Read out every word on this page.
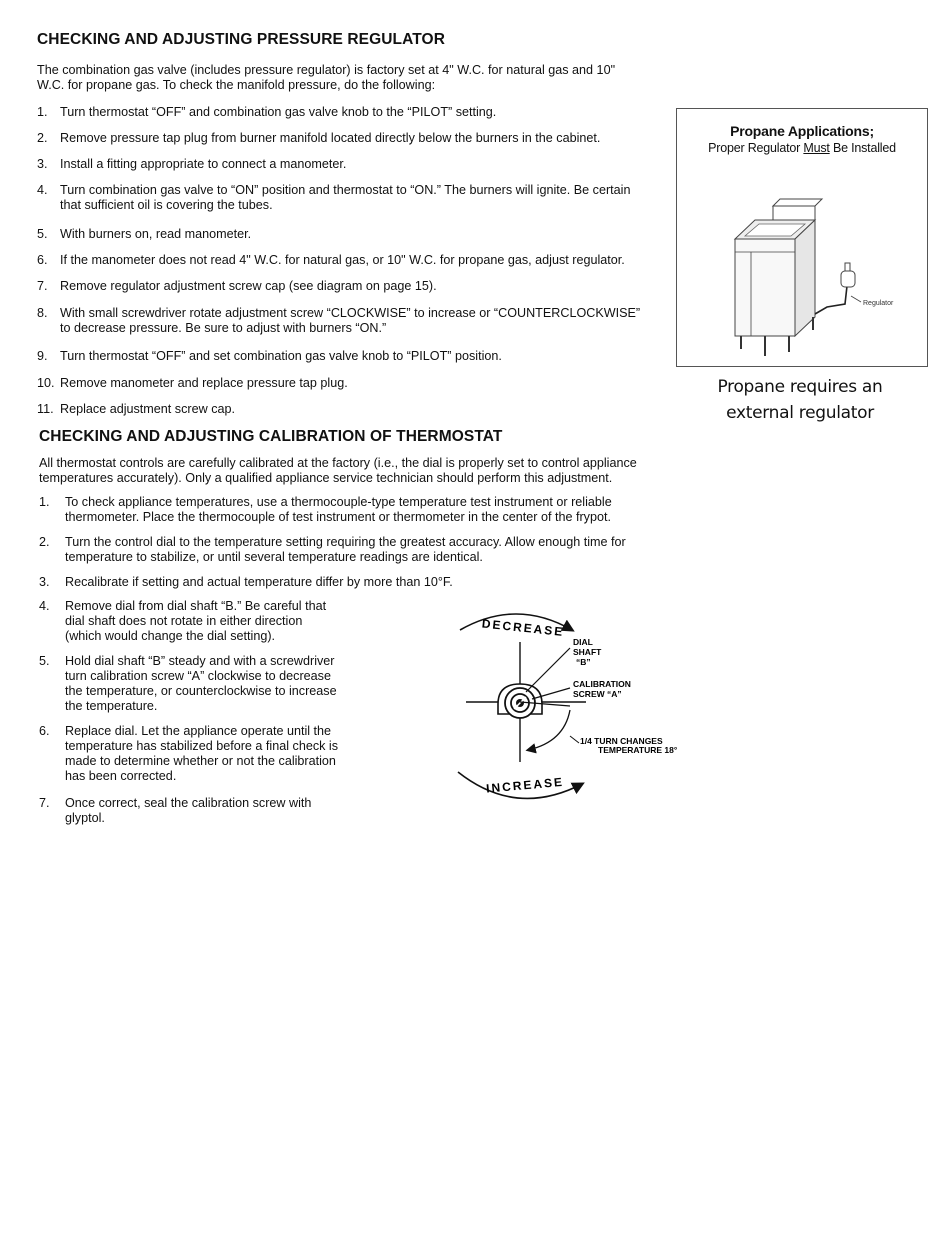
CHECKING AND ADJUSTING PRESSURE REGULATOR
The combination gas valve (includes pressure regulator) is factory set at 4" W.C. for natural gas and 10"
W.C. for propane gas. To check the manifold pressure, do the following:
1. Turn thermostat “OFF” and combination gas valve knob to the “PILOT” setting.
2. Remove pressure tap plug from burner manifold located directly below the burners in the cabinet.
3. Install a fitting appropriate to connect a manometer.
4. Turn combination gas valve to “ON” position and thermostat to “ON.” The burners will ignite. Be certain
that sufficient oil is covering the tubes.
5. With burners on, read manometer.
6. If the manometer does not read 4" W.C. for natural gas, or 10" W.C. for propane gas, adjust regulator.
7. Remove regulator adjustment screw cap (see diagram on page 15).
8. With small screwdriver rotate adjustment screw “CLOCKWISE” to increase or “COUNTERCLOCKWISE”
to decrease pressure. Be sure to adjust with burners “ON.”
9. Turn thermostat “OFF” and set combination gas valve knob to “PILOT” position.
10. Remove manometer and replace pressure tap plug.
11. Replace adjustment screw cap.
Propane Applications;
Proper Regulator Must Be Installed
Regulator
Propane requires an
external regulator
CHECKING AND ADJUSTING CALIBRATION OF THERMOSTAT
All thermostat controls are carefully calibrated at the factory (i.e., the dial is properly set to control appliance
temperatures accurately). Only a qualified appliance service technician should perform this adjustment.
1. To check appliance temperatures, use a thermocouple-type temperature test instrument or reliable
thermometer. Place the thermocouple of test instrument or thermometer in the center of the frypot.
2. Turn the control dial to the temperature setting requiring the greatest accuracy. Allow enough time for
temperature to stabilize, or until several temperature readings are identical.
3. Recalibrate if setting and actual temperature differ by more than 10°F.
4. Remove dial from dial shaft “B.” Be careful that
dial shaft does not rotate in either direction
(which would change the dial setting).
5. Hold dial shaft “B” steady and with a screwdriver
turn calibration screw “A” clockwise to decrease
the temperature, or counterclockwise to increase
the temperature.
6. Replace dial. Let the appliance operate until the
temperature has stabilized before a final check is
made to determine whether or not the calibration
has been corrected.
7. Once correct, seal the calibration screw with
glyptol.
DECREASE
INCREASE
DIAL
SHAFT
“B”
CALIBRATION
SCREW “A”
1/4 TURN CHANGES
TEMPERATURE 18°
